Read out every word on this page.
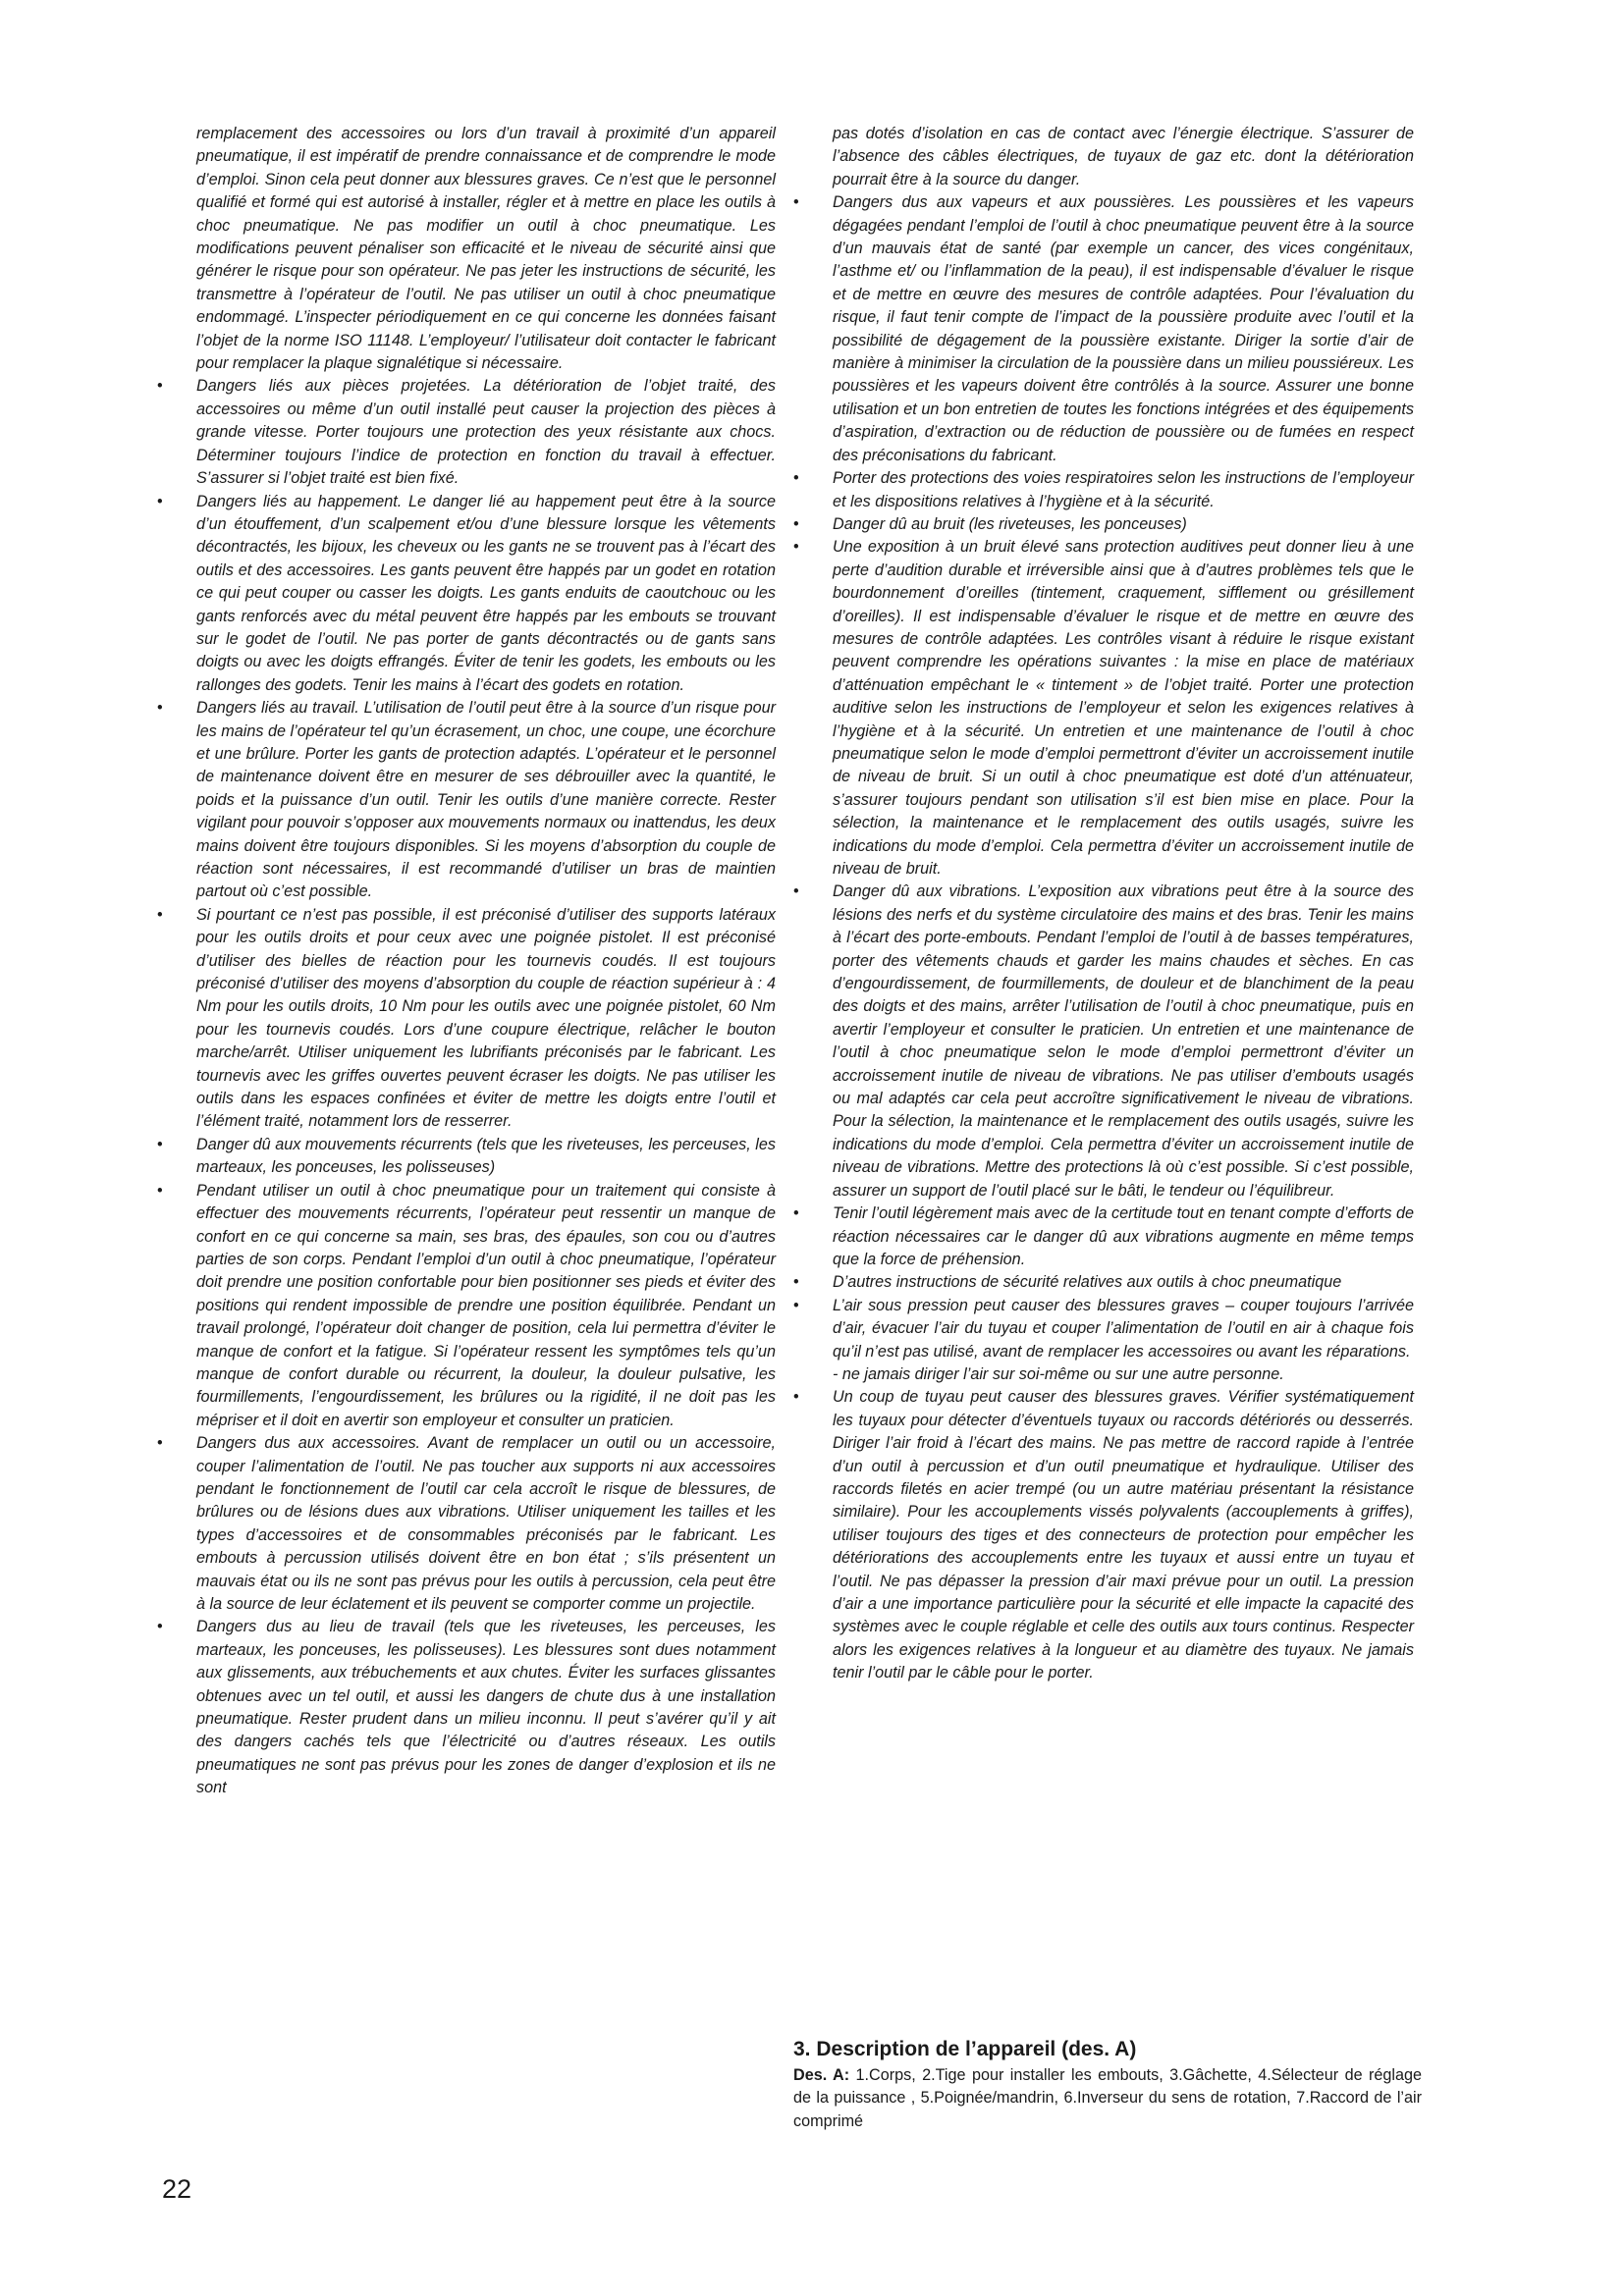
remplacement des accessoires ou lors d’un travail à proximité d’un appareil pneumatique, il est impératif de prendre connaissance et de comprendre le mode d’emploi. Sinon cela peut donner aux blessures graves. Ce n’est que le personnel qualifié et formé qui est autorisé à installer, régler et à mettre en place les outils à choc pneumatique. Ne pas modifier un outil à choc pneumatique. Les modifications peuvent pénaliser son efficacité et le niveau de sécurité ainsi que générer le risque pour son opérateur. Ne pas jeter les instructions de sécurité, les transmettre à l’opérateur de l’outil. Ne pas utiliser un outil à choc pneumatique endommagé. L’inspecter périodiquement en ce qui concerne les données faisant l’objet de la norme ISO 11148. L’employeur/ l’utilisateur doit contacter le fabricant pour remplacer la plaque signalétique si nécessaire.

•	Dangers liés aux pièces projetées. La détérioration de l’objet traité, des accessoires ou même d’un outil installé peut causer la projection des pièces à grande vitesse. Porter toujours une protection des yeux résistante aux chocs. Déterminer toujours l’indice de protection en fonction du travail à effectuer. S’assurer si l’objet traité est bien fixé.
•	Dangers liés au happement. Le danger lié au happement peut être à la source d’un étouffement, d’un scalpement et/ou d’une blessure lorsque les vêtements décontractés, les bijoux, les cheveux ou les gants ne se trouvent pas à l’écart des outils et des accessoires. Les gants peuvent être happés par un godet en rotation ce qui peut couper ou casser les doigts. Les gants enduits de caoutchouc ou les gants renforcés avec du métal peuvent être happés par les embouts se trouvant sur le godet de l’outil. Ne pas porter de gants décontractés ou de gants sans doigts ou avec les doigts effrangés. Éviter de tenir les godets, les embouts ou les rallonges des godets. Tenir les mains à l’écart des godets en rotation.
•	Dangers liés au travail. L’utilisation de l’outil peut être à la source d’un risque pour les mains de l’opérateur tel qu’un écrasement, un choc, une coupe, une écorchure et une brûlure. Porter les gants de protection adaptés. L’opérateur et le personnel de maintenance doivent être en mesurer de ses débrouiller avec la quantité, le poids et la puissance d’un outil. Tenir les outils d’une manière correcte. Rester vigilant pour pouvoir s’opposer aux mouvements normaux ou inattendus, les deux mains doivent être toujours disponibles. Si les moyens d’absorption du couple de réaction sont nécessaires, il est recommandé d’utiliser un bras de maintien partout où c’est possible.
•	Si pourtant ce n’est pas possible, il est préconisé d’utiliser des supports latéraux pour les outils droits et pour ceux avec une poignée pistolet. Il est préconisé d’utiliser des bielles de réaction pour les tournevis coudés. Il est toujours préconisé d’utiliser des moyens d’absorption du couple de réaction supérieur à : 4 Nm pour les outils droits, 10 Nm pour les outils avec une poignée pistolet, 60 Nm pour les tournevis coudés. Lors d’une coupure électrique, relâcher le bouton marche/arrêt. Utiliser uniquement les lubrifiants préconisés par le fabricant. Les tournevis avec les griffes ouvertes peuvent écraser les doigts. Ne pas utiliser les outils dans les espaces confinées et éviter de mettre les doigts entre l’outil et l’élément traité, notamment lors de resserrer.
•	Danger dû aux mouvements récurrents (tels que les riveteuses, les perceuses, les marteaux, les ponceuses, les polisseuses)
•	Pendant utiliser un outil à choc pneumatique pour un traitement qui consiste à effectuer des mouvements récurrents, l’opérateur peut ressentir un manque de confort en ce qui concerne sa main, ses bras, des épaules, son cou ou d’autres parties de son corps. Pendant l’emploi d’un outil à choc pneumatique, l’opérateur doit prendre une position confortable pour bien positionner ses pieds et éviter des positions qui rendent impossible de prendre une position équilibrée. Pendant un travail prolongé, l’opérateur doit changer de position, cela lui permettra d’éviter le manque de confort et la fatigue. Si l’opérateur ressent les symptômes tels qu’un manque de confort durable ou récurrent, la douleur, la douleur pulsative, les fourmillements, l’engourdissement, les brûlures ou la rigidité, il ne doit pas les mépriser et il doit en avertir son employeur et consulter un praticien.
•	Dangers dus aux accessoires. Avant de remplacer un outil ou un accessoire, couper l’alimentation de l’outil. Ne pas toucher aux supports ni aux accessoires pendant le fonctionnement de l’outil car cela accroît le risque de blessures, de brûlures ou de lésions dues aux vibrations. Utiliser uniquement les tailles et les types d’accessoires et de consommables préconisés par le fabricant. Les embouts à percussion utilisés doivent être en bon état ; s’ils présentent un mauvais état ou ils ne sont pas prévus pour les outils à percussion, cela peut être à la source de leur éclatement et ils peuvent se comporter comme un projectile.
•	Dangers dus au lieu de travail (tels que les riveteuses, les perceuses, les marteaux, les ponceuses, les polisseuses). Les blessures sont dues notamment aux glissements, aux trébuchements et aux chutes. Éviter les surfaces glissantes obtenues avec un tel outil, et aussi les dangers de chute dus à une installation pneumatique. Rester prudent dans un milieu inconnu. Il peut s’avérer qu’il y ait des dangers cachés tels que l’électricité ou d’autres réseaux. Les outils pneumatiques ne sont pas prévus pour les zones de danger d’explosion et ils ne sont

pas dotés d’isolation en cas de contact avec l’énergie électrique. S’assurer de l’absence des câbles électriques, de tuyaux de gaz etc. dont la détérioration pourrait être à la source du danger.

•	Dangers dus aux vapeurs et aux poussières. Les poussières et les vapeurs dégagées pendant l’emploi de l’outil à choc pneumatique peuvent être à la source d’un mauvais état de santé (par exemple un cancer, des vices congénitaux, l’asthme et/ ou l’inflammation de la peau), il est indispensable d’évaluer le risque et de mettre en œuvre des mesures de contrôle adaptées. Pour l’évaluation du risque, il faut tenir compte de l’impact de la poussière produite avec l’outil et la possibilité de dégagement de la poussière existante. Diriger la sortie d’air de manière à minimiser la circulation de la poussière dans un milieu poussiéreux. Les poussières et les vapeurs doivent être contrôlés à la source. Assurer une bonne utilisation et un bon entretien de toutes les fonctions intégrées et des équipements d’aspiration, d’extraction ou de réduction de poussière ou de fumées en respect des préconisations du fabricant.
•	Porter des protections des voies respiratoires selon les instructions de l’employeur et les dispositions relatives à l’hygiène et à la sécurité.
•	Danger dû au bruit (les riveteuses, les ponceuses)
•	Une exposition à un bruit élevé sans protection auditives peut donner lieu à une perte d’audition durable et irréversible ainsi que à d’autres problèmes tels que le bourdonnement d’oreilles (tintement, craquement, sifflement ou grésillement d’oreilles). Il est indispensable d’évaluer le risque et de mettre en œuvre des mesures de contrôle adaptées. Les contrôles visant à réduire le risque existant peuvent comprendre les opérations suivantes : la mise en place de matériaux d’atténuation empêchant le « tintement » de l’objet traité. Porter une protection auditive selon les instructions de l’employeur et selon les exigences relatives à l’hygiène et à la sécurité. Un entretien et une maintenance de l’outil à choc pneumatique selon le mode d’emploi permettront d’éviter un accroissement inutile de niveau de bruit. Si un outil à choc pneumatique est doté d’un atténuateur, s’assurer toujours pendant son utilisation s’il est bien mise en place. Pour la sélection, la maintenance et le remplacement des outils usagés, suivre les indications du mode d’emploi. Cela permettra d’éviter un accroissement inutile de niveau de bruit.
•	Danger dû aux vibrations. L’exposition aux vibrations peut être à la source des lésions des nerfs et du système circulatoire des mains et des bras. Tenir les mains à l’écart des porte-embouts. Pendant l’emploi de l’outil à de basses températures, porter des vêtements chauds et garder les mains chaudes et sèches. En cas d’engourdissement, de fourmillements, de douleur et de blanchiment de la peau des doigts et des mains, arrêter l’utilisation de l’outil à choc pneumatique, puis en avertir l’employeur et consulter le praticien. Un entretien et une maintenance de l’outil à choc pneumatique selon le mode d’emploi permettront d’éviter un accroissement inutile de niveau de vibrations. Ne pas utiliser d’embouts usagés ou mal adaptés car cela peut accroître significativement le niveau de vibrations. Pour la sélection, la maintenance et le remplacement des outils usagés, suivre les indications du mode d’emploi. Cela permettra d’éviter un accroissement inutile de niveau de vibrations. Mettre des protections là où c’est possible. Si c’est possible, assurer un support de l’outil placé sur le bâti, le tendeur ou l’équilibreur.
•	Tenir l’outil légèrement mais avec de la certitude tout en tenant compte d’efforts de réaction nécessaires car le danger dû aux vibrations augmente en même temps que la force de préhension.
•	D’autres instructions de sécurité relatives aux outils à choc pneumatique
•	L’air sous pression peut causer des blessures graves – couper toujours l’arrivée d’air, évacuer l’air du tuyau et couper l’alimentation de l’outil en air à chaque fois qu’il n’est pas utilisé, avant de remplacer les accessoires ou avant les réparations.

- ne jamais diriger l’air sur soi-même ou sur une autre personne.

•	Un coup de tuyau peut causer des blessures graves. Vérifier systématiquement les tuyaux pour détecter d’éventuels tuyaux ou raccords détériorés ou desserrés. Diriger l’air froid à l’écart des mains. Ne pas mettre de raccord rapide à l’entrée d’un outil à percussion et d’un outil pneumatique et hydraulique. Utiliser des raccords filetés en acier trempé (ou un autre matériau présentant la résistance similaire). Pour les accouplements vissés polyvalents (accouplements à griffes), utiliser toujours des tiges et des connecteurs de protection pour empêcher les détériorations des accouplements entre les tuyaux et aussi entre un tuyau et l’outil. Ne pas dépasser la pression d’air maxi prévue pour un outil. La pression d’air a une importance particulière pour la sécurité et elle impacte la capacité des systèmes avec le couple réglable et celle des outils aux tours continus. Respecter alors les exigences relatives à la longueur et au diamètre des tuyaux. Ne jamais tenir l’outil par le câble pour le porter.
3. Description de l’appareil (des. A)

Des. A: 1.Corps, 2.Tige pour installer les embouts, 3.Gâchette, 4.Sélecteur de réglage de la puissance , 5.Poignée/mandrin, 6.Inverseur du sens de rotation, 7.Raccord de l’air comprimé

22
